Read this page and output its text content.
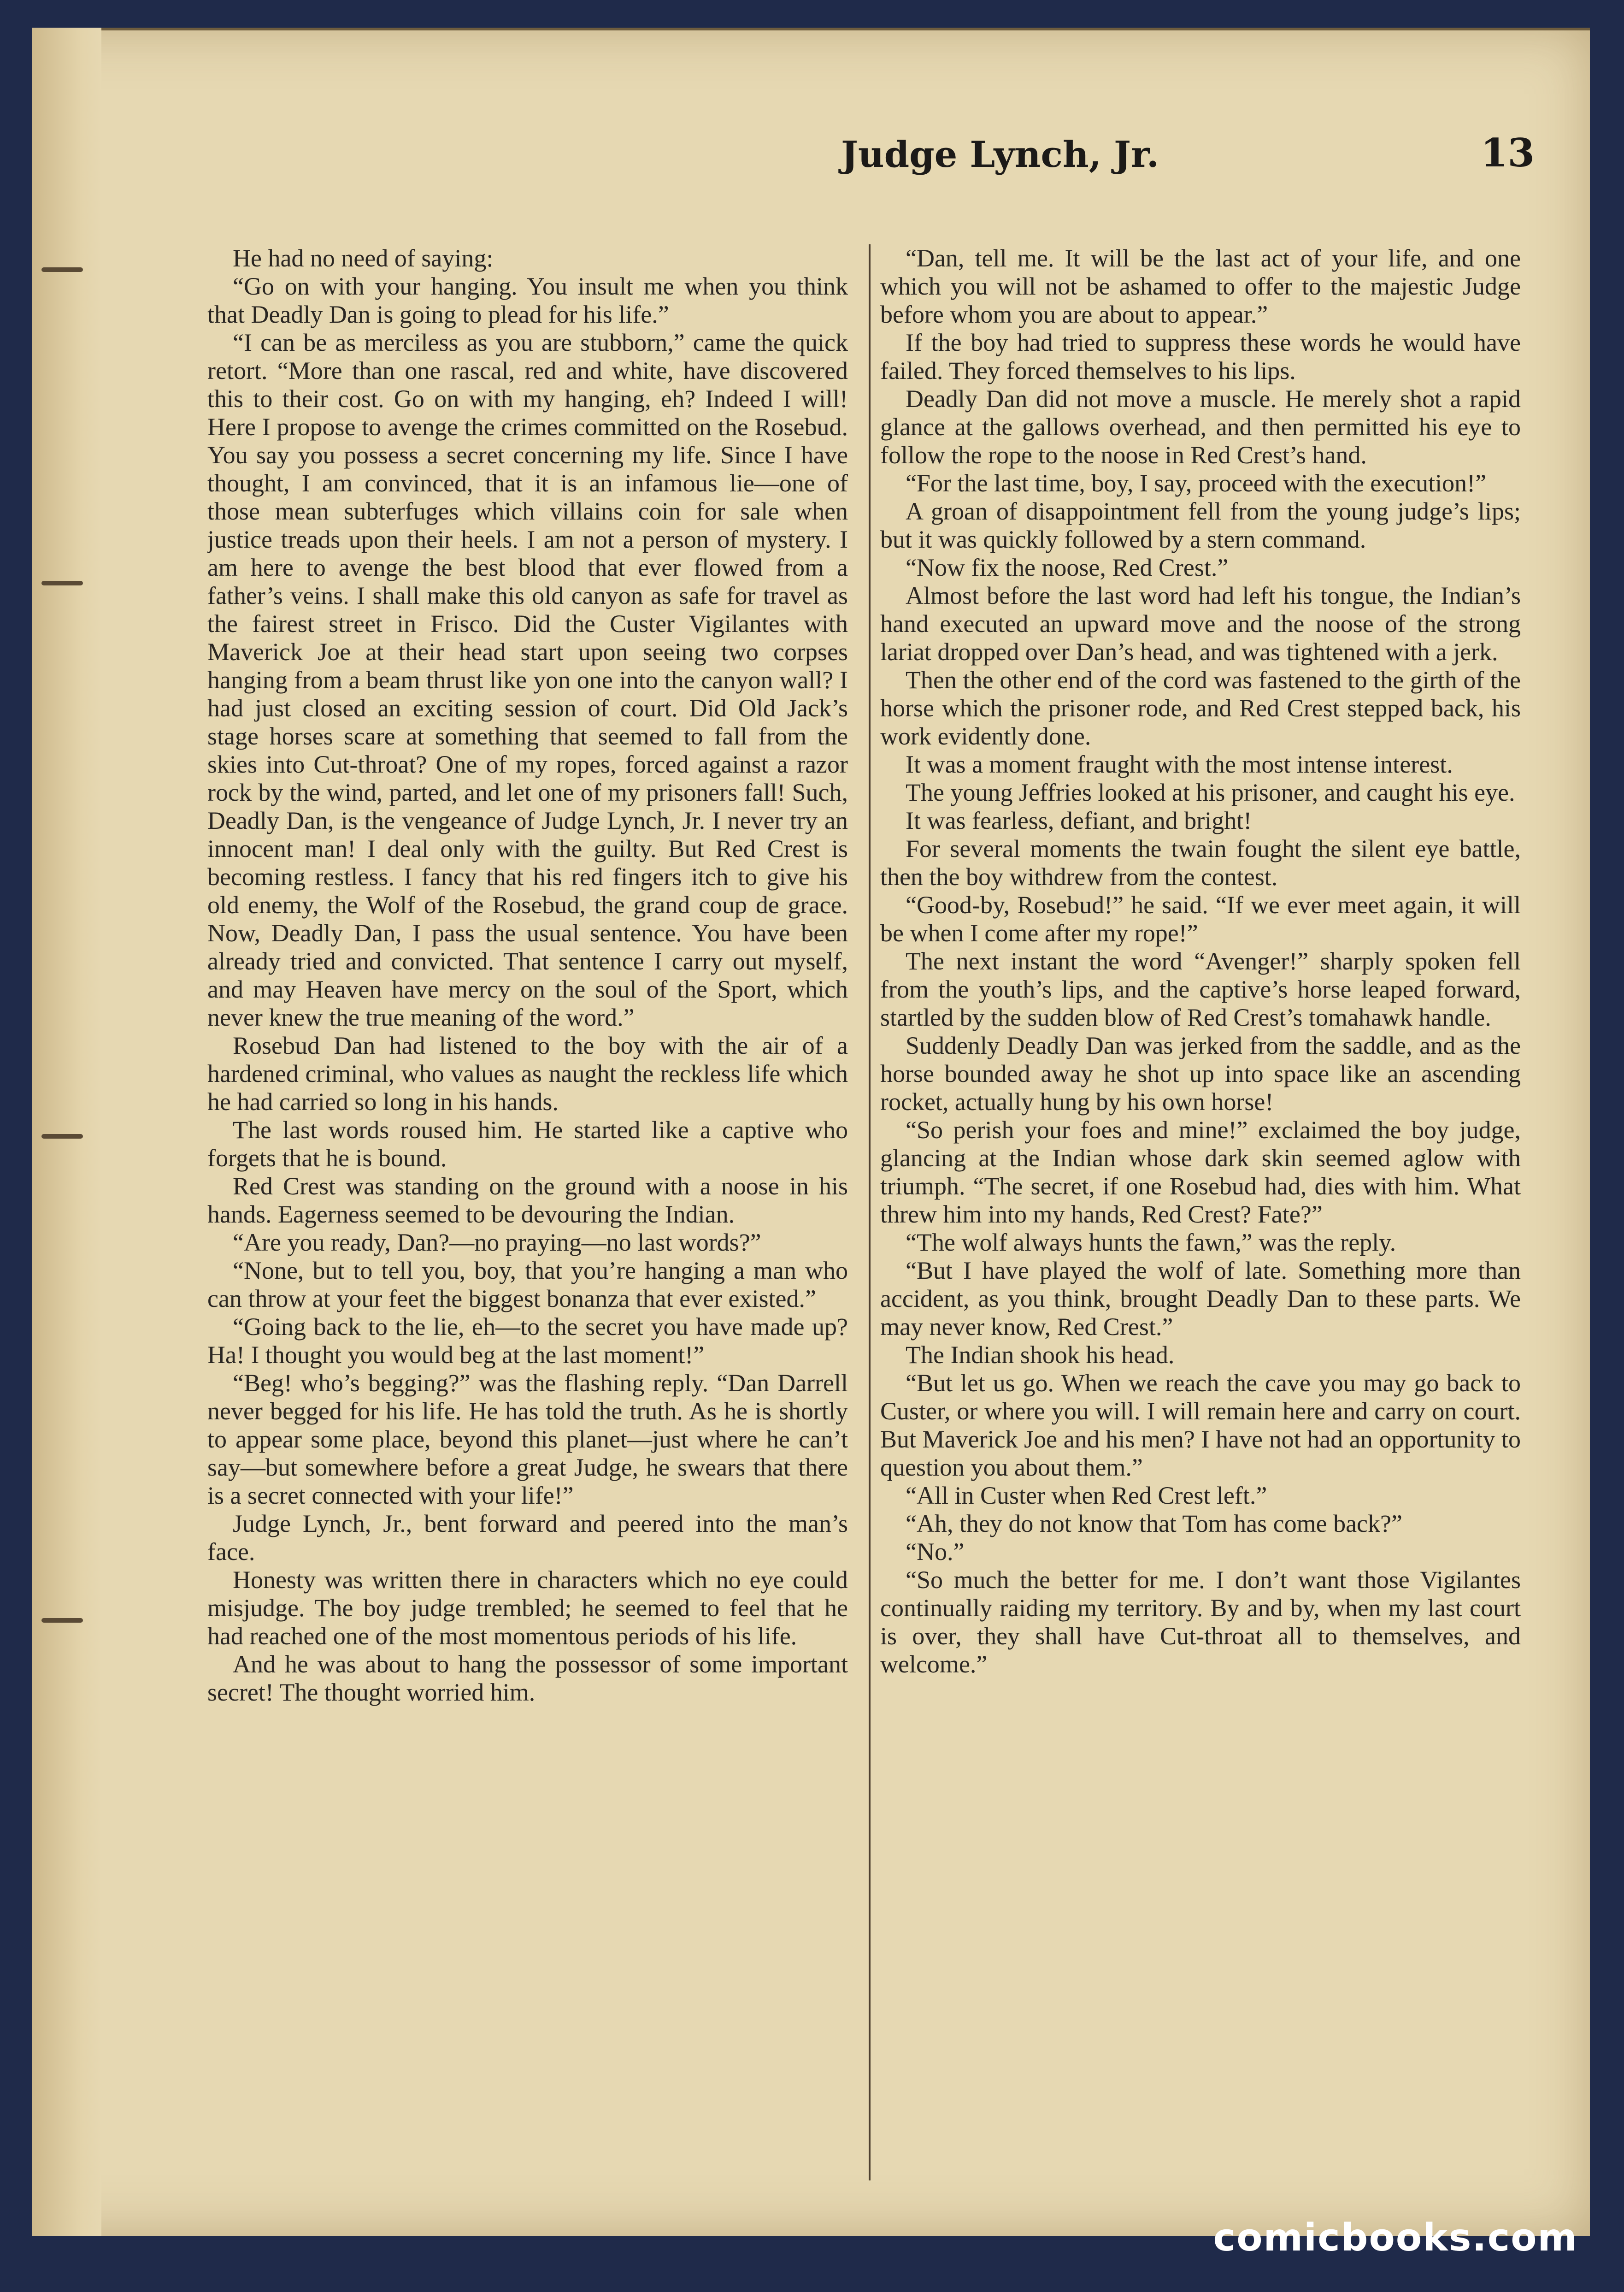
Judge Lynch, Jr.	13

He had no need of saying:

“Go on with your hanging. You insult me when you think that Deadly Dan is going to plead for his life.”

“I can be as merciless as you are stubborn,” came the quick retort. “More than one rascal, red and white, have discovered this to their cost. Go on with my hanging, eh? Indeed I will! Here I propose to avenge the crimes committed on the Rosebud. You say you possess a secret concerning my life. Since I have thought, I am convinced, that it is an infamous lie—one of those mean subterfuges which villains coin for sale when justice treads upon their heels. I am not a person of mystery. I am here to avenge the best blood that ever flowed from a father’s veins. I shall make this old canyon as safe for travel as the fairest street in Frisco. Did the Custer Vigilantes with Maverick Joe at their head start upon seeing two corpses hanging from a beam thrust like yon one into the canyon wall? I had just closed an exciting session of court. Did Old Jack’s stage horses scare at something that seemed to fall from the skies into Cut-throat? One of my ropes, forced against a razor rock by the wind, parted, and let one of my prisoners fall! Such, Deadly Dan, is the vengeance of Judge Lynch, Jr. I never try an innocent man! I deal only with the guilty. But Red Crest is becoming restless. I fancy that his red fingers itch to give his old enemy, the Wolf of the Rosebud, the grand coup de grace. Now, Deadly Dan, I pass the usual sentence. You have been already tried and convicted. That sentence I carry out myself, and may Heaven have mercy on the soul of the Sport, which never knew the true meaning of the word.”

Rosebud Dan had listened to the boy with the air of a hardened criminal, who values as naught the reckless life which he had carried so long in his hands.

The last words roused him. He started like a captive who forgets that he is bound.

Red Crest was standing on the ground with a noose in his hands. Eagerness seemed to be devouring the Indian.

“Are you ready, Dan?—no praying—no last words?”

“None, but to tell you, boy, that you’re hanging a man who can throw at your feet the biggest bonanza that ever existed.”

“Going back to the lie, eh—to the secret you have made up? Ha! I thought you would beg at the last moment!”

“Beg! who’s begging?” was the flashing reply. “Dan Darrell never begged for his life. He has told the truth. As he is shortly to appear some place, beyond this planet—just where he can’t say—but somewhere before a great Judge, he swears that there is a secret connected with your life!”

Judge Lynch, Jr., bent forward and peered into the man’s face.

Honesty was written there in characters which no eye could misjudge. The boy judge trembled; he seemed to feel that he had reached one of the most momentous periods of his life.

And he was about to hang the possessor of some important secret! The thought worried him.

“Dan, tell me. It will be the last act of your life, and one which you will not be ashamed to offer to the majestic Judge before whom you are about to appear.”

If the boy had tried to suppress these words he would have failed. They forced themselves to his lips.

Deadly Dan did not move a muscle. He merely shot a rapid glance at the gallows overhead, and then permitted his eye to follow the rope to the noose in Red Crest’s hand.

“For the last time, boy, I say, proceed with the execution!”

A groan of disappointment fell from the young judge’s lips; but it was quickly followed by a stern command.

“Now fix the noose, Red Crest.”

Almost before the last word had left his tongue, the Indian’s hand executed an upward move and the noose of the strong lariat dropped over Dan’s head, and was tightened with a jerk.

Then the other end of the cord was fastened to the girth of the horse which the prisoner rode, and Red Crest stepped back, his work evidently done.

It was a moment fraught with the most intense interest.

The young Jeffries looked at his prisoner, and caught his eye.

It was fearless, defiant, and bright!

For several moments the twain fought the silent eye battle, then the boy withdrew from the contest.

“Good-by, Rosebud!” he said. “If we ever meet again, it will be when I come after my rope!”

The next instant the word “Avenger!” sharply spoken fell from the youth’s lips, and the captive’s horse leaped forward, startled by the sudden blow of Red Crest’s tomahawk handle.

Suddenly Deadly Dan was jerked from the saddle, and as the horse bounded away he shot up into space like an ascending rocket, actually hung by his own horse!

“So perish your foes and mine!” exclaimed the boy judge, glancing at the Indian whose dark skin seemed aglow with triumph. “The secret, if one Rosebud had, dies with him. What threw him into my hands, Red Crest? Fate?”

“The wolf always hunts the fawn,” was the reply.

“But I have played the wolf of late. Something more than accident, as you think, brought Deadly Dan to these parts. We may never know, Red Crest.”

The Indian shook his head.

“But let us go. When we reach the cave you may go back to Custer, or where you will. I will remain here and carry on court. But Maverick Joe and his men? I have not had an opportunity to question you about them.”

“All in Custer when Red Crest left.”

“Ah, they do not know that Tom has come back?”

“No.”

“So much the better for me. I don’t want those Vigilantes continually raiding my territory. By and by, when my last court is over, they shall have Cut-throat all to themselves, and welcome.”

comicbooks.com
